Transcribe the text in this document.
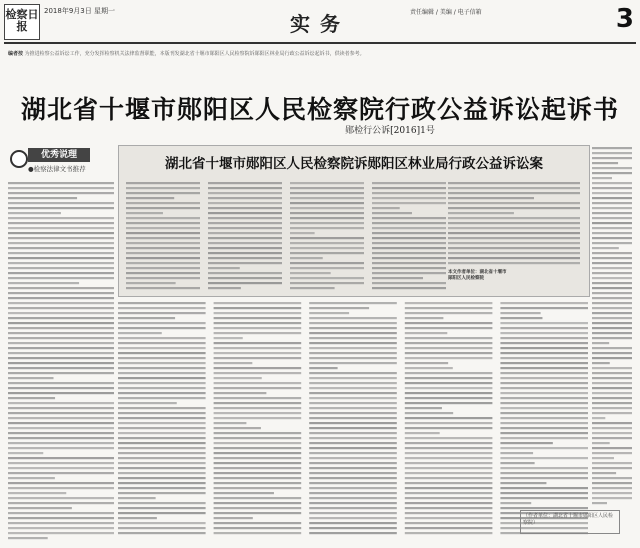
检察日报
2018年9月3日 星期一
实务	责任编辑 / 美编 / 电子信箱	3
编者按 为推进检察公益诉讼工作，充分发挥检察机关法律监督职能，本版刊发湖北省十堰市郧阳区人民检察院诉郧阳区林业局行政公益诉讼起诉书，供读者参考。
湖北省十堰市郧阳区人民检察院行政公益诉讼起诉书
郧检行公诉[2016]1号
优秀说理
●检察法律文书推荐	湖北省十堰市郧阳区人民检察院诉郧阳区林业局行政公益诉讼案
本文作者单位：湖北省十堰市郧阳区人民检察院
（作者单位：湖北省十堰市郧阳区人民检察院）
